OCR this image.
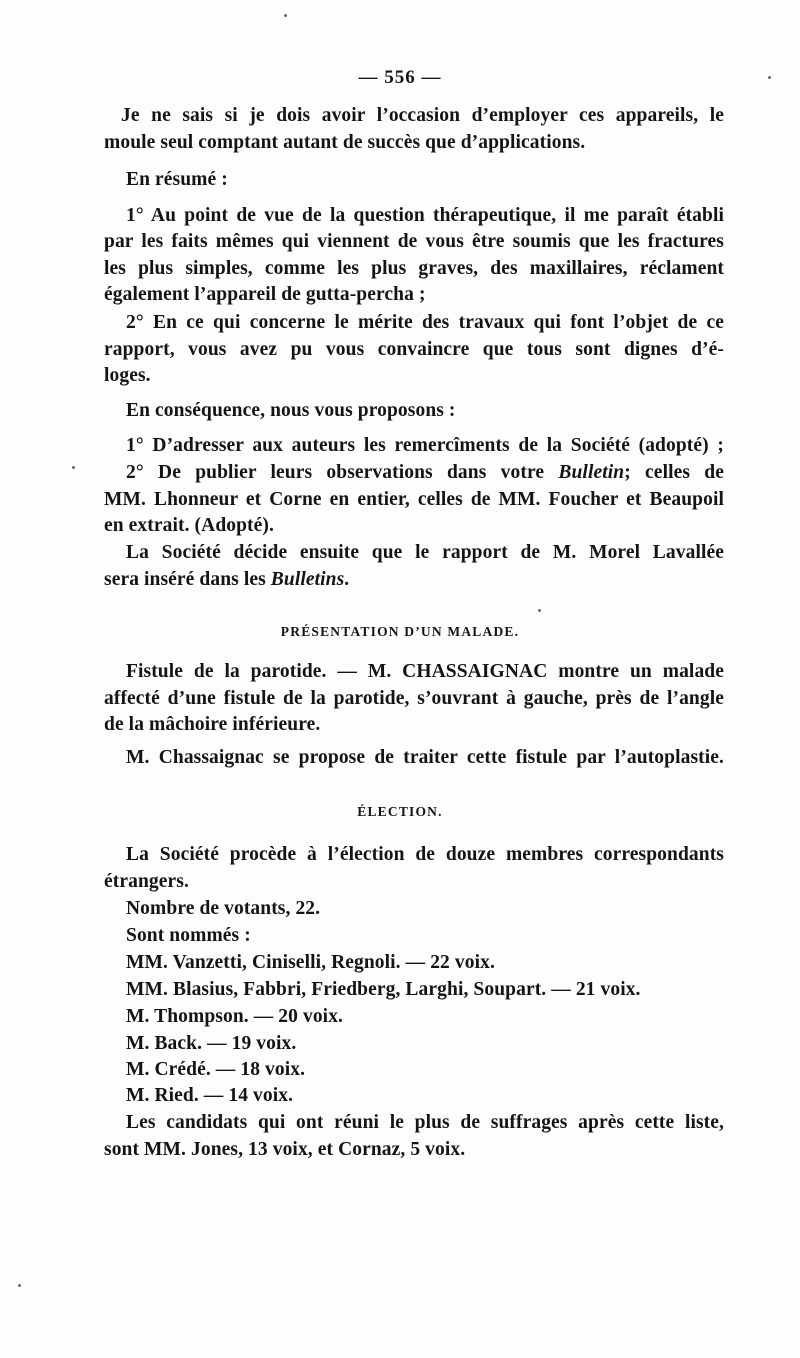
— 556 —
Je ne sais si je dois avoir l’occasion d’employer ces appareils, le
moule seul comptant autant de succès que d’applications.
En résumé :
1° Au point de vue de la question thérapeutique, il me paraît établi
par les faits mêmes qui viennent de vous être soumis que les fractures
les plus simples, comme les plus graves, des maxillaires, réclament
également l’appareil de gutta-percha ;
2° En ce qui concerne le mérite des travaux qui font l’objet de ce
rapport, vous avez pu vous convaincre que tous sont dignes d’é-
loges.
En conséquence, nous vous proposons :
1° D’adresser aux auteurs les remercîments de la Société (adopté) ;
2° De publier leurs observations dans votre Bulletin; celles de
MM. Lhonneur et Corne en entier, celles de MM. Foucher et Beaupoil
en extrait. (Adopté).
La Société décide ensuite que le rapport de M. Morel Lavallée
sera inséré dans les Bulletins.
PRÉSENTATION D’UN MALADE.
Fistule de la parotide. — M. CHASSAIGNAC montre un malade
affecté d’une fistule de la parotide, s’ouvrant à gauche, près de l’angle
de la mâchoire inférieure.
M. Chassaignac se propose de traiter cette fistule par l’autoplastie.
ÉLECTION.
La Société procède à l’élection de douze membres correspondants
étrangers.
Nombre de votants, 22.
Sont nommés :
MM. Vanzetti, Ciniselli, Regnoli. — 22 voix.
MM. Blasius, Fabbri, Friedberg, Larghi, Soupart. — 21 voix.
M. Thompson. — 20 voix.
M. Back. — 19 voix.
M. Crédé. — 18 voix.
M. Ried. — 14 voix.
Les candidats qui ont réuni le plus de suffrages après cette liste,
sont MM. Jones, 13 voix, et Cornaz, 5 voix.
